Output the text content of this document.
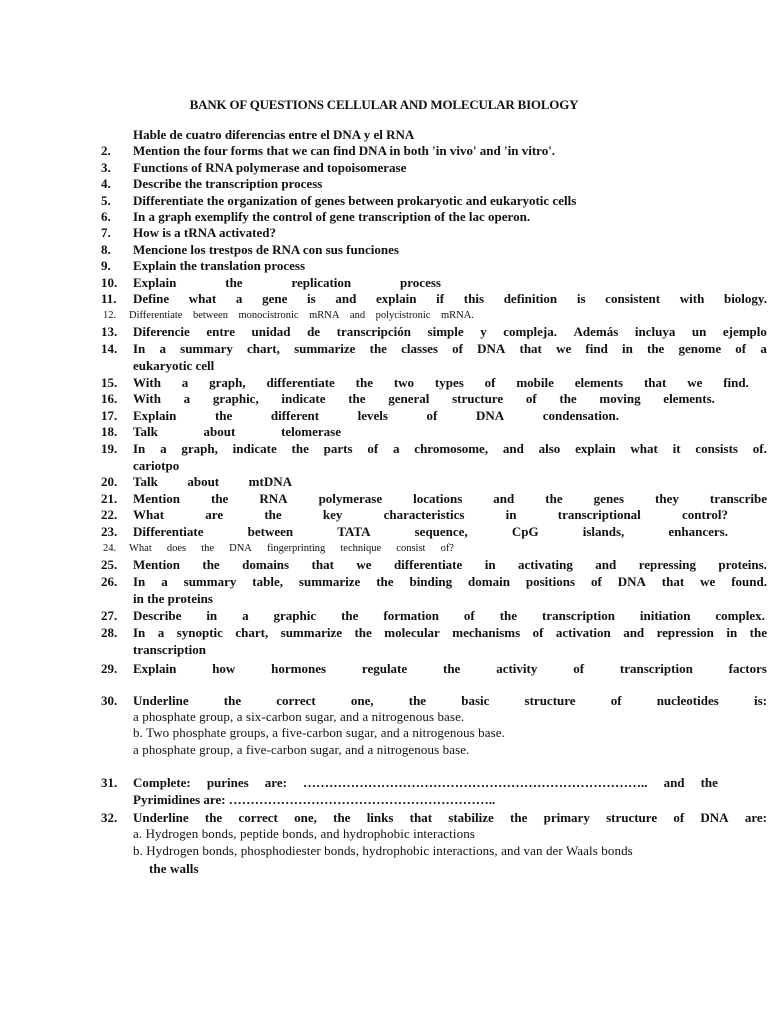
BANK OF QUESTIONS CELLULAR AND MOLECULAR BIOLOGY
Hable de cuatro diferencias entre el DNA y el RNA
2.	Mention the four forms that we can find DNA in both 'in vivo' and 'in vitro'.
3.	Functions of RNA polymerase and topoisomerase
4.	Describe the transcription process
5.	Differentiate the organization of genes between prokaryotic and eukaryotic cells
6.	In a graph exemplify the control of gene transcription of the lac operon.
7.	How is a tRNA activated?
8.	Mencione los trestpos de RNA con sus funciones
9.	Explain the translation process
10.	Explain	the	replication	process
11.	Define what a gene is and explain if this definition is consistent with biology.
12.	Differentiate between monocistronic mRNA and polycistronic mRNA.
13.	Diferencie entre unidad de transcripción simple y compleja. Además incluya un ejemplo
14.	In a summary chart, summarize the classes of DNA that we find in the genome of a
eukaryotic cell
15.	With a graph, differentiate the two types of mobile elements that we find.
16.	With a graphic, indicate the general structure of the moving elements.
17.	Explain	the	different	levels	of	DNA	condensation.
18.	Talk	about	telomerase
19.	In a graph, indicate the parts of a chromosome, and also explain what it consists of.
cariotpo
20.	Talk about mtDNA
21.	Mention the RNA polymerase locations and the genes they transcribe
22.	What	are	the	key	characteristics	in	transcriptional	control?
23.	Differentiate	between	TATA	sequence,	CpG	islands,	enhancers.
24.	What does the DNA fingerprinting technique consist of?
25.	Mention the domains that we differentiate in activating and repressing proteins.
26.	In a summary table, summarize the binding domain positions of DNA that we found.
in the proteins
27.	Describe in a graphic the formation of the transcription initiation complex.
28.	In a synoptic chart, summarize the molecular mechanisms of activation and repression in the
transcription
29.	Explain	how	hormones	regulate	the	activity	of	transcription	factors
30.	Underline	the	correct	one,	the	basic	structure	of	nucleotides	is:
a phosphate group, a six-carbon sugar, and a nitrogenous base.
b. Two phosphate groups, a five-carbon sugar, and a nitrogenous base.
a phosphate group, a five-carbon sugar, and a nitrogenous base.
31.	Complete: purines are: …………………………………………………………………….. and the
Pyrimidines are: ……………………………………………………..
32.	Underline the correct one, the links that stabilize the primary structure of DNA are:
a. Hydrogen bonds, peptide bonds, and hydrophobic interactions
b. Hydrogen bonds, phosphodiester bonds, hydrophobic interactions, and van der Waals bonds
the walls
